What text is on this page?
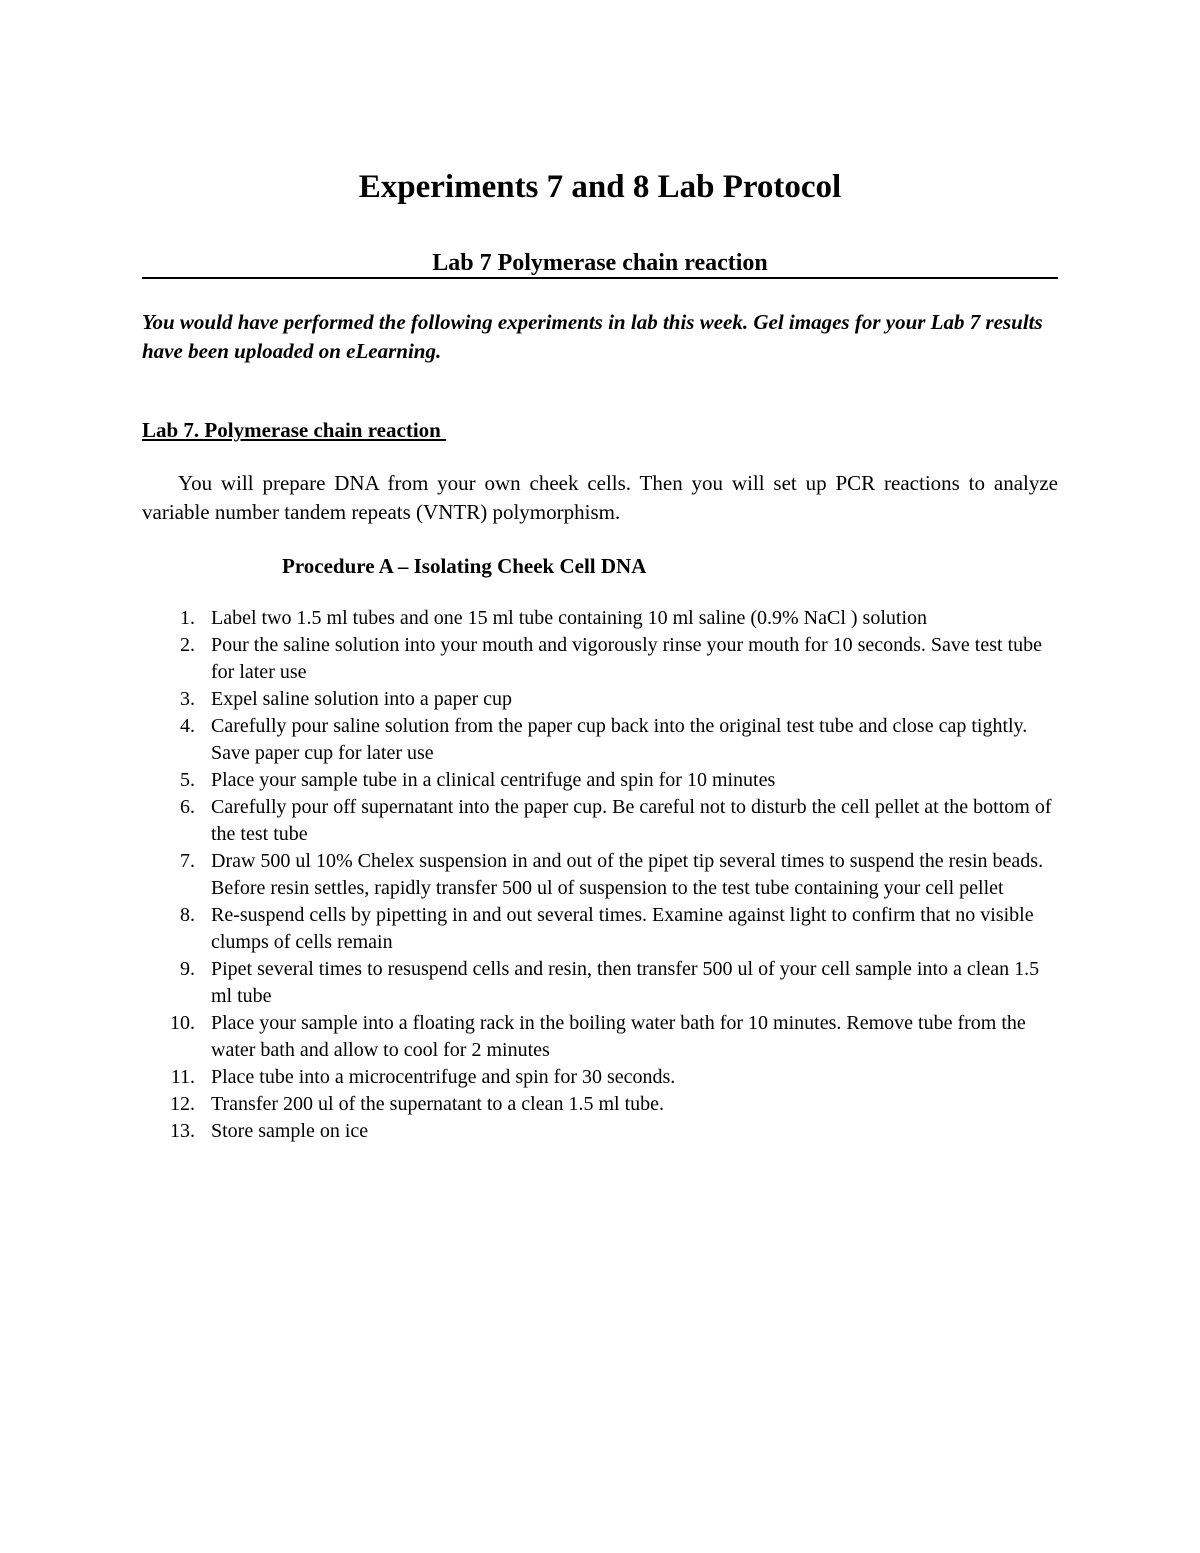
Experiments 7 and 8 Lab Protocol
Lab 7 Polymerase chain reaction

You would have performed the following experiments in lab this week. Gel images for your Lab 7 results have been uploaded on eLearning.

Lab 7. Polymerase chain reaction

You will prepare DNA from your own cheek cells. Then you will set up PCR reactions to analyze variable number tandem repeats (VNTR) polymorphism.

Procedure A – Isolating Cheek Cell DNA

1. Label two 1.5 ml tubes and one 15 ml tube containing 10 ml saline (0.9% NaCl ) solution
2. Pour the saline solution into your mouth and vigorously rinse your mouth for 10 seconds. Save test tube for later use
3. Expel saline solution into a paper cup
4. Carefully pour saline solution from the paper cup back into the original test tube and close cap tightly. Save paper cup for later use
5. Place your sample tube in a clinical centrifuge and spin for 10 minutes
6. Carefully pour off supernatant into the paper cup. Be careful not to disturb the cell pellet at the bottom of the test tube
7. Draw 500 ul 10% Chelex suspension in and out of the pipet tip several times to suspend the resin beads. Before resin settles, rapidly transfer 500 ul of suspension to the test tube containing your cell pellet
8. Re-suspend cells by pipetting in and out several times. Examine against light to confirm that no visible clumps of cells remain
9. Pipet several times to resuspend cells and resin, then transfer 500 ul of your cell sample into a clean 1.5 ml tube
10. Place your sample into a floating rack in the boiling water bath for 10 minutes. Remove tube from the water bath and allow to cool for 2 minutes
11. Place tube into a microcentrifuge and spin for 30 seconds.
12. Transfer 200 ul of the supernatant to a clean 1.5 ml tube.
13. Store sample on ice
